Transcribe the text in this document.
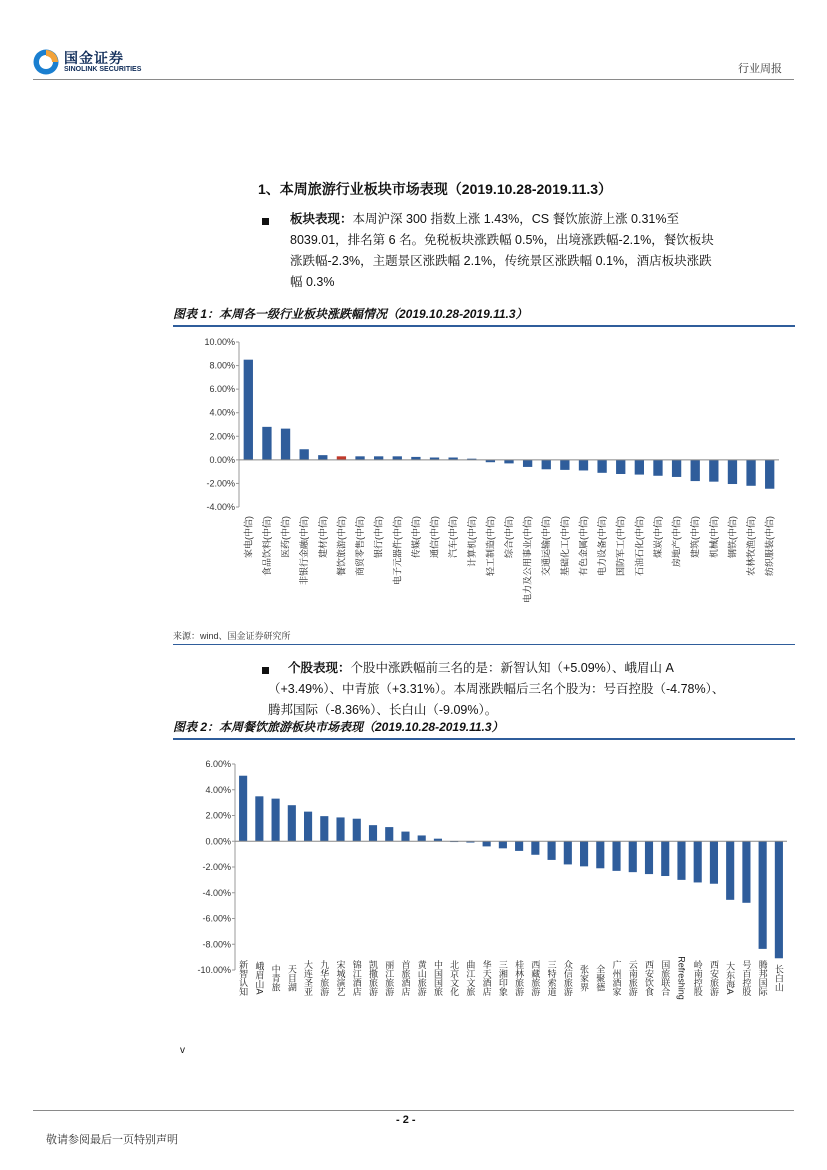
国金证券
SINOLINK SECURITIES	行业周报
1、本周旅游行业板块市场表现（2019.10.28-2019.11.3）
板块表现：本周沪深 300 指数上涨 1.43%，CS 餐饮旅游上涨 0.31%至
8039.01，排名第 6 名。免税板块涨跌幅 0.5%，出境涨跌幅-2.1%，餐饮板块
涨跌幅-2.3%，主题景区涨跌幅 2.1%，传统景区涨跌幅 0.1%，酒店板块涨跌
幅 0.3%
图表 1：本周各一级行业板块涨跌幅情况（2019.10.28-2019.11.3）
10.00%
8.00%
6.00%
4.00%
2.00%
0.00%
-2.00%
-4.00%
家电(中信) 食品饮料(中信) 医药(中信) 非银行金融(中信) 建材(中信) 餐饮旅游(中信) 商贸零售(中信) 银行(中信) 电子元器件(中信) 传媒(中信) 通信(中信) 汽车(中信) 计算机(中信) 轻工制造(中信) 综合(中信) 电力及公用事业(中信) 交通运输(中信) 基础化工(中信) 有色金属(中信) 电力设备(中信) 国防军工(中信) 石油石化(中信) 煤炭(中信) 房地产(中信) 建筑(中信) 机械(中信) 钢铁(中信) 农林牧渔(中信) 纺织服装(中信)
来源：wind、国金证券研究所
个股表现：个股中涨跌幅前三名的是：新智认知（+5.09%）、峨眉山 A
（+3.49%）、中青旅（+3.31%）。本周涨跌幅后三名个股为：号百控股（-4.78%）、
腾邦国际（-8.36%）、长白山（-9.09%）。
图表 2：本周餐饮旅游板块市场表现（2019.10.28-2019.11.3）
6.00%
4.00%
2.00%
0.00%
-2.00%
-4.00%
-6.00%
-8.00%
-10.00% 新智认知 峨眉山A 中青旅 天目湖 大连圣亚 九华旅游 宋城演艺 锦江酒店 凯撒旅游 丽江旅游 首旅酒店 黄山旅游 中国国旅 北京文化 曲江文旅 华天酒店 三湘印象 桂林旅游 西藏旅游 三特索道 众信旅游 张家界 全聚德 广州酒家 云南旅游 西安饮食 国旅联合 Refreshing 岭南控股 西安旅游 大东海A 号百控股 腾邦国际 长白山
v
- 2 -
敬请参阅最后一页特别声明
